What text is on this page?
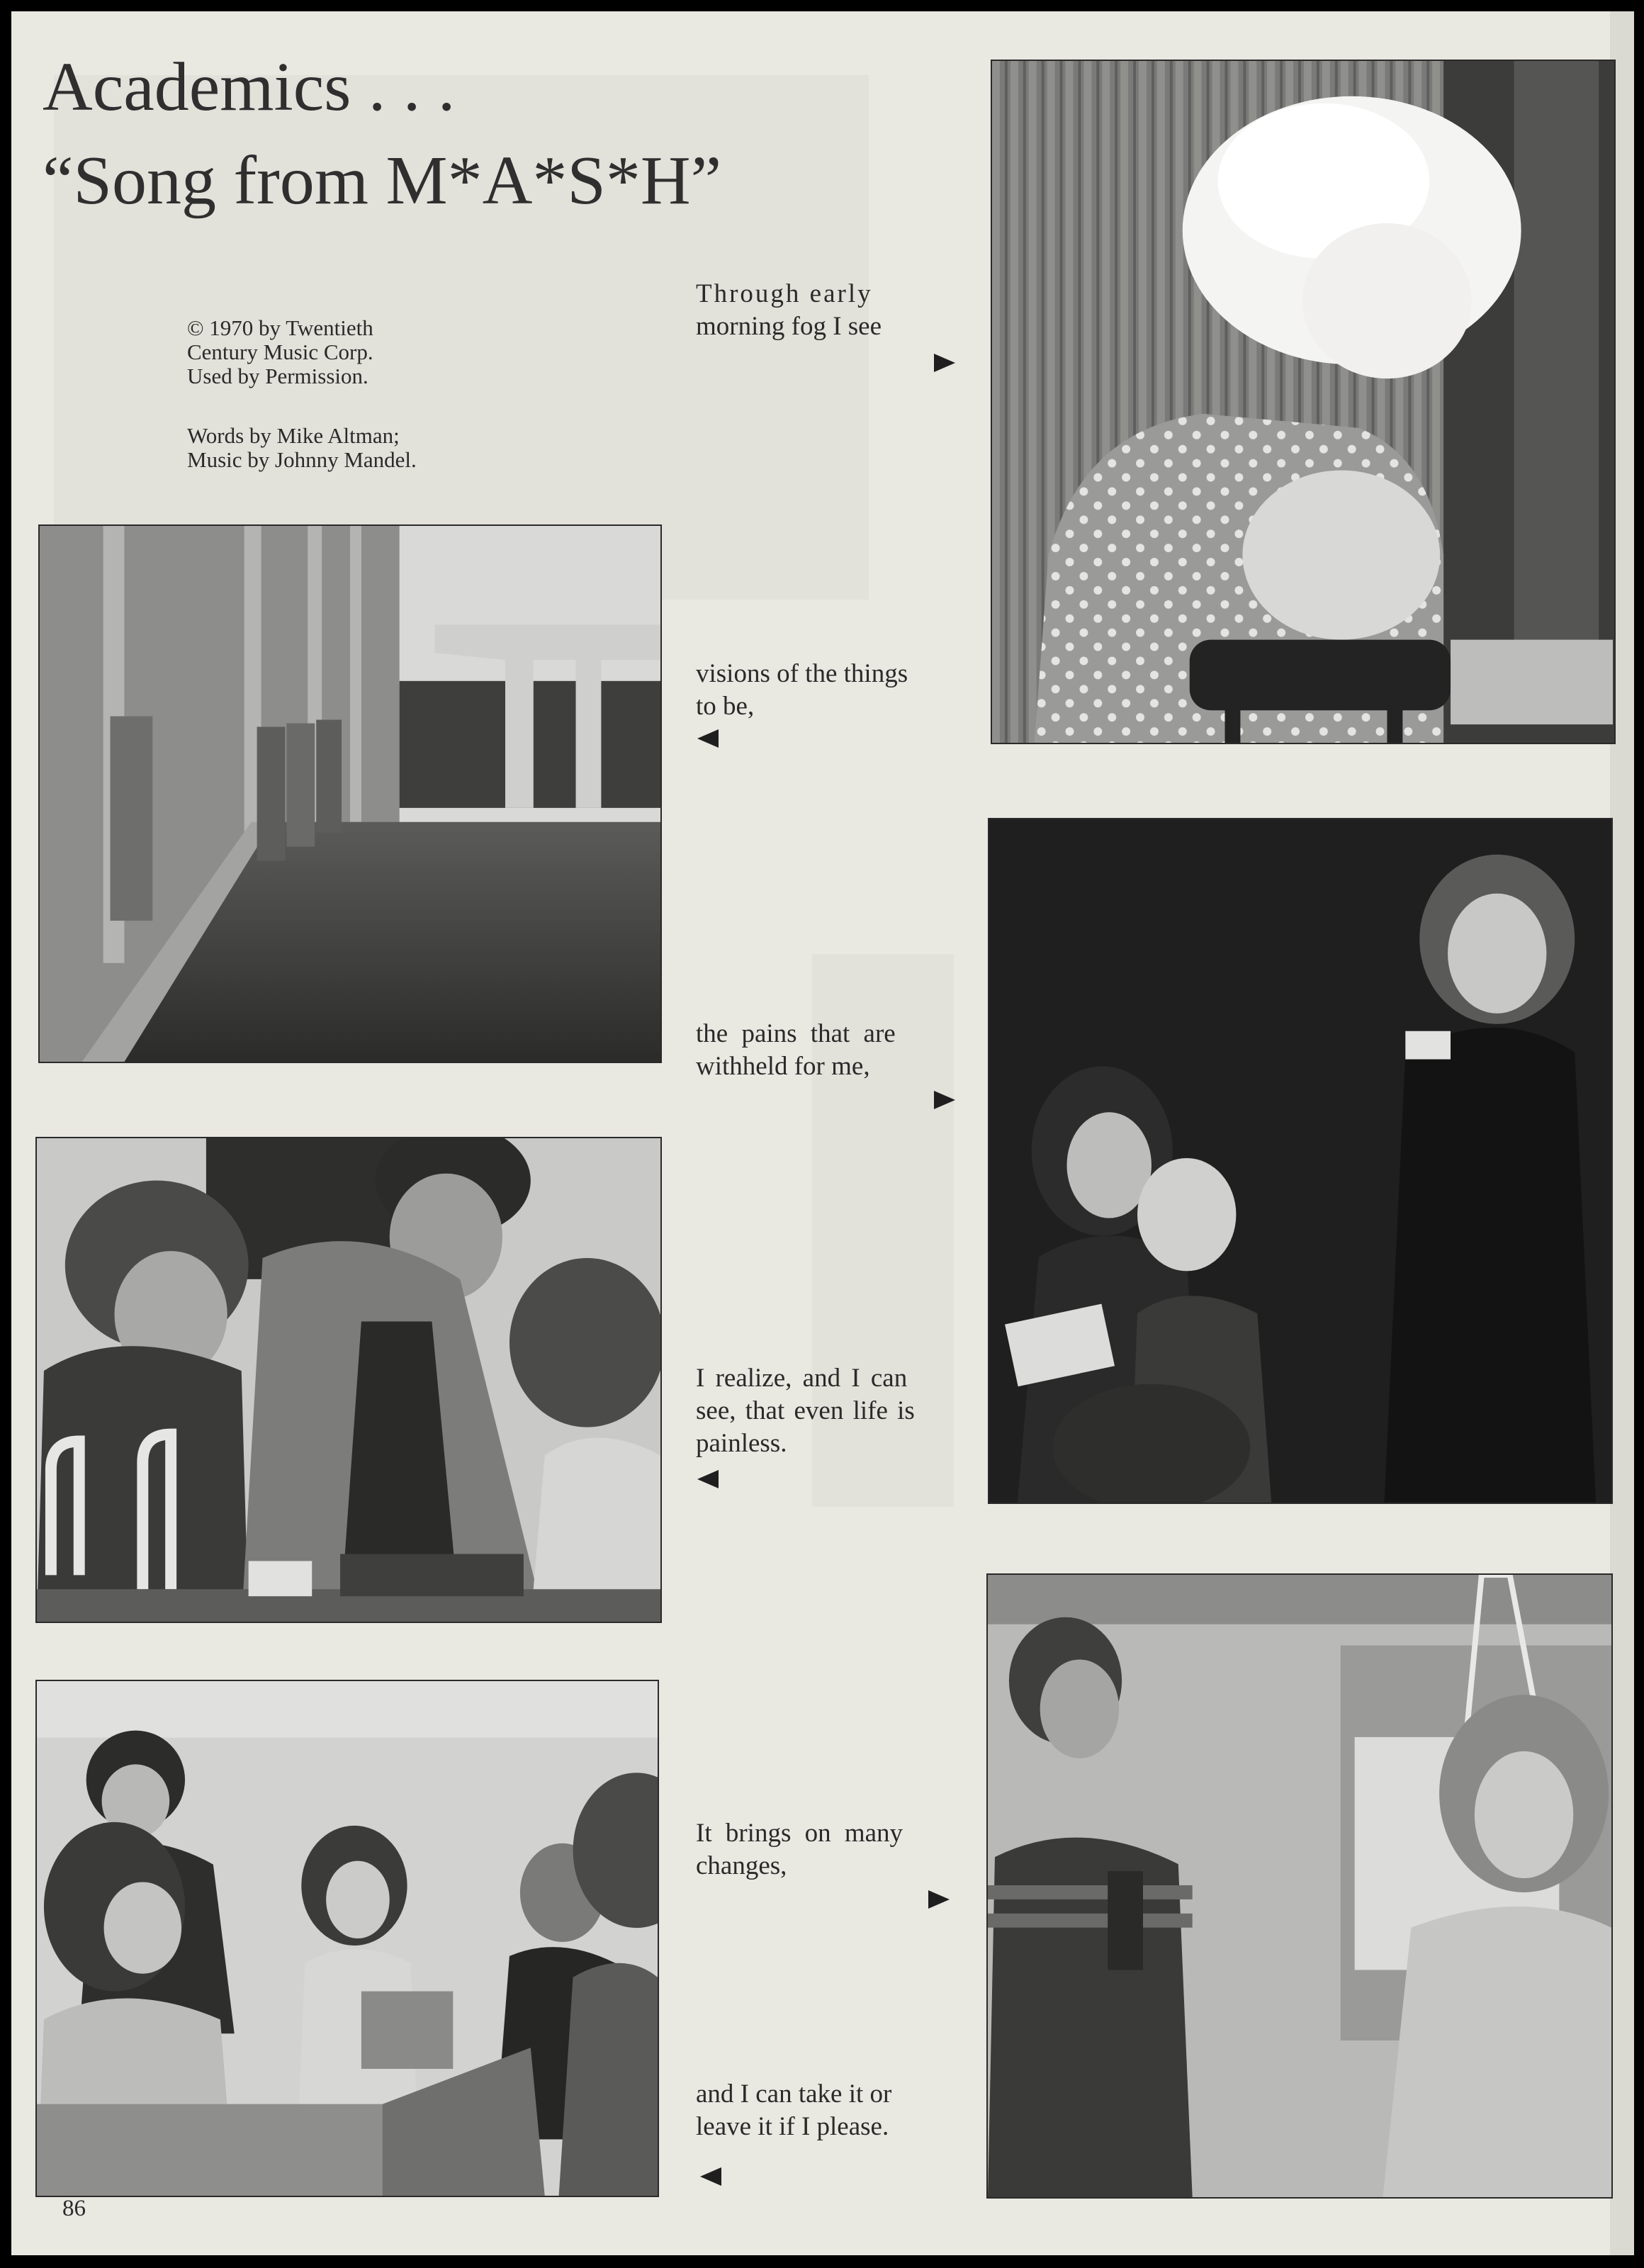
Academics . . .
“Song from M*A*S*H”
© 1970 by Twentieth
Century Music Corp.
Used by Permission.
Words by Mike Altman;
Music by Johnny Mandel.
Through early
morning fog I see
visions of the things
to be,
the pains that are
withheld for me,
I realize, and I can
see, that even life is
painless.
It brings on many
changes,
and I can take it or
leave it if I please.
86
